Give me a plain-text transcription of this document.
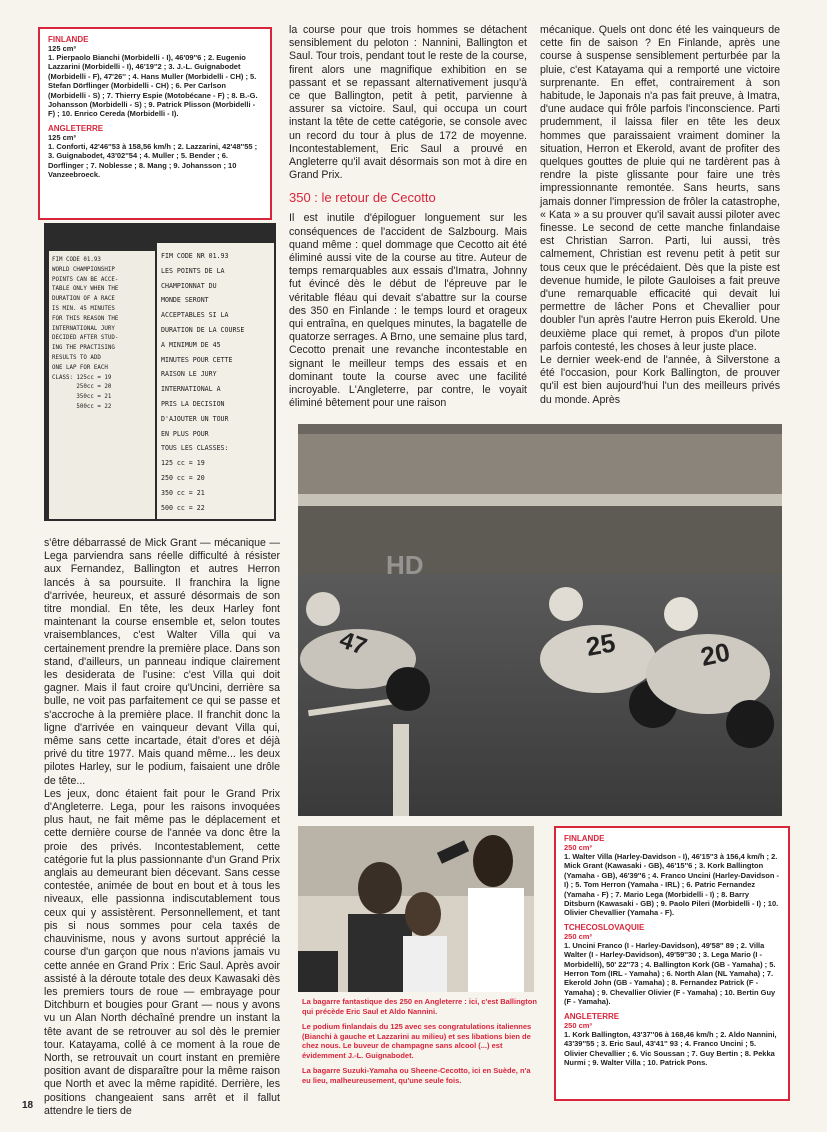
FINLANDE
125 cm³

1. Pierpaolo Bianchi (Morbidelli - I), 46'09''6 ; 2. Eugenio Lazzarini (Morbidelli - I), 46'19''2 ; 3. J.-L. Guignabodet (Morbidelli - F), 47'26'' ; 4. Hans Muller (Morbidelli - CH) ; 5. Stefan Dörflinger (Morbidelli - CH) ; 6. Per Carlson (Morbidelli - S) ; 7. Thierry Espie (Motobécane - F) ; 8. B.-G. Johansson (Morbidelli - S) ; 9. Patrick Plisson (Morbidelli - F) ; 10. Enrico Cereda (Morbidelli - I).

ANGLETERRE
125 cm³

1. Conforti, 42'46''53 à 158,56 km/h ; 2. Lazzarini, 42'48''55 ; 3. Guignabodet, 43'02''54 ; 4. Muller ; 5. Bender ; 6. Dorflinger ; 7. Noblesse ; 8. Mang ; 9. Johansson ; 10 Vanzeebroeck.

FIM CODE 01.93
WORLD CHAMPIONSHIP
POINTS CAN BE ACCE-
TABLE ONLY WHEN THE
DURATION OF A RACE
IS MIN. 45 MINUTES
FOR THIS REASON THE
INTERNATIONAL JURY
DECIDED AFTER STUD-
ING THE PRACTISING
RESULTS TO ADD
ONE LAP FOR EACH
CLASS: 125cc = 19
250cc = 20
350cc = 21
500cc = 22
FIM CODE NR 01.93
LES POINTS DE LA
CHAMPIONNAT DU
MONDE SERONT
ACCEPTABLES SI LA
DURATION DE LA COURSE
A MINIMUM DE 45
MINUTES POUR CETTE
RAISON LE JURY
INTERNATIONAL A
PRIS LA DECISION
D'AJOUTER UN TOUR
EN PLUS POUR
TOUS LES CLASSES:
125 cc = 19
250 cc = 20
350 cc = 21
500 cc = 22

la course pour que trois hommes se détachent sensiblement du peloton : Nannini, Ballington et Saul. Tour trois, pendant tout le reste de la course, firent alors une magnifique exhibition en se passant et se repassant alternativement jusqu'à ce que Ballington, petit à petit, parvienne à assurer sa victoire. Saul, qui occupa un court instant la tête de cette catégorie, se console avec un record du tour à plus de 172 de moyenne. Incontestablement, Eric Saul a prouvé en Angleterre qu'il avait désormais son mot à dire en Grand Prix.

350 : le retour de Cecotto

Il est inutile d'épiloguer longuement sur les conséquences de l'accident de Salzbourg. Mais quand même : quel dommage que Cecotto ait été éliminé aussi vite de la course au titre. Auteur de temps remarquables aux essais d'Imatra, Johnny fut évincé dès le début de l'épreuve par le véritable fléau qui devait s'abattre sur la course des 350 en Finlande : le temps lourd et orageux qui entraîna, en quelques minutes, la bagatelle de quatorze serrages. A Brno, une semaine plus tard, Cecotto prenait une revanche incontestable en signant le meilleur temps des essais et en dominant toute la course avec une facilité incroyable. L'Angleterre, par contre, le voyait éliminé bêtement pour une raison

mécanique. Quels ont donc été les vainqueurs de cette fin de saison ? En Finlande, après une course à suspense sensiblement perturbée par la pluie, c'est Katayama qui a remporté une victoire surprenante. En effet, contrairement à son habitude, le Japonais n'a pas fait preuve, à Imatra, d'une audace qui frôle parfois l'inconscience. Parti prudemment, il laissa filer en tête les deux hommes que paraissaient vraiment dominer la situation, Herron et Ekerold, avant de profiter des quelques gouttes de pluie qui ne tardèrent pas à rendre la piste glissante pour faire une très impressionnante remontée. Sans heurts, sans jamais donner l'impression de frôler la catastrophe, « Kata » a su prouver qu'il savait aussi piloter avec finesse. Le second de cette manche finlandaise est Christian Sarron. Parti, lui aussi, très calmement, Christian est revenu petit à petit sur tous ceux que le précédaient. Dès que la piste est devenue humide, le pilote Gauloises a fait preuve d'une remarquable efficacité qui devait lui permettre de lâcher Pons et Chevallier pour doubler l'un après l'autre Herron puis Ekerold. Une deuxième place qui remet, à propos d'un pilote parfois contesté, les choses à leur juste place.
Le dernier week-end de l'année, à Silverstone a été l'occasion, pour Kork Ballington, de prouver qu'il est bien aujourd'hui l'un des meilleurs privés du monde. Après

s'être débarrassé de Mick Grant — mécanique — Lega parviendra sans réelle difficulté à résister aux Fernandez, Ballington et autres Herron lancés à sa poursuite. Il franchira la ligne d'arrivée, heureux, et assuré désormais de son titre mondial. En tête, les deux Harley font maintenant la course ensemble et, selon toutes vraisemblances, c'est Walter Villa qui va certainement prendre la première place. Dans son stand, d'ailleurs, un panneau indique clairement les desiderata de l'usine: c'est Villa qui doit gagner. Mais il faut croire qu'Uncini, derrière sa bulle, ne voit pas parfaitement ce qui se passe et s'accroche à la première place. Il franchit donc la ligne d'arrivée en vainqueur devant Villa qui, même sans cette incartade, était d'ores et déjà privé du titre 1977. Mais quand même... les deux pilotes Harley, sur le podium, faisaient une drôle de tête...
Les jeux, donc étaient fait pour le Grand Prix d'Angleterre. Lega, pour les raisons invoquées plus haut, ne fait même pas le déplacement et cette dernière course de l'année va donc être la proie des privés. Incontestablement, cette catégorie fut la plus passionnante d'un Grand Prix anglais au demeurant bien décevant. Sans cesse contestée, animée de bout en bout et à tous les niveaux, elle passionna indiscutablement tous ceux qui y assistèrent. Personnellement, et tant pis si nous sommes pour cela taxés de chauvinisme, nous y avons surtout apprécié la course d'un garçon que nous n'avions jamais vu cette année en Grand Prix : Eric Saul. Après avoir assisté à la déroute totale des deux Kawasaki dès les premiers tours de roue — embrayage pour Ditchburn et bougies pour Grant — nous y avons vu un Alan North déchaîné prendre un instant la tête avant de se retrouver au sol dès le premier tour. Katayama, collé à ce moment à la roue de North, se retrouvait un court instant en première position avant de disparaître pour la même raison que North et avec la même rapidité. Derrière, les positions changeaient sans arrêt et il fallut attendre le tiers de

47	25	20
HD

La bagarre fantastique des 250 en Angleterre : ici, c'est Ballington qui précède Eric Saul et Aldo Nannini.

Le podium finlandais du 125 avec ses congratulations italiennes (Bianchi à gauche et Lazzarini au milieu) et ses libations bien de chez nous. Le buveur de champagne sans alcool (...) est évidemment J.-L. Guignabodet.

La bagarre Suzuki-Yamaha ou Sheene-Cecotto, ici en Suède, n'a eu lieu, malheureusement, qu'une seule fois.

FINLANDE
250 cm³

1. Walter Villa (Harley-Davidson - I), 46'15''3 à 156,4 km/h ; 2. Mick Grant (Kawasaki - GB), 46'15''6 ; 3. Kork Ballington (Yamaha - GB), 46'39''6 ; 4. Franco Uncini (Harley-Davidson - I) ; 5. Tom Herron (Yamaha - IRL) ; 6. Patric Fernandez (Yamaha - F) ; 7. Mario Lega (Morbidelli - I) ; 8. Barry Ditsburn (Kawasaki - GB) ; 9. Paolo Pileri (Morbidelli - I) ; 10. Olivier Chevallier (Yamaha - F).

TCHECOSLOVAQUIE
250 cm³

1. Uncini Franco (I - Harley-Davidson), 49'58'' 89 ; 2. Villa Walter (I - Harley-Davidson), 49'59''30 ; 3. Lega Mario (I - Morbidelli), 50' 22''73 ; 4. Ballington Kork (GB - Yamaha) ; 5. Herron Tom (IRL - Yamaha) ; 6. North Alan (NL Yamaha) ; 7. Ekerold John (GB - Yamaha) ; 8. Fernandez Patrick (F - Yamaha) ; 9. Chevallier Olivier (F - Yamaha) ; 10. Bertin Guy (F - Yamaha).

ANGLETERRE
250 cm³

1. Kork Ballington, 43'37''06 à 168,46 km/h ; 2. Aldo Nannini, 43'39''55 ; 3. Eric Saul, 43'41'' 93 ; 4. Franco Uncini ; 5. Olivier Chevallier ; 6. Vic Soussan ; 7. Guy Bertin ; 8. Pekka Nurmi ; 9. Walter Villa ; 10. Patrick Pons.

18
